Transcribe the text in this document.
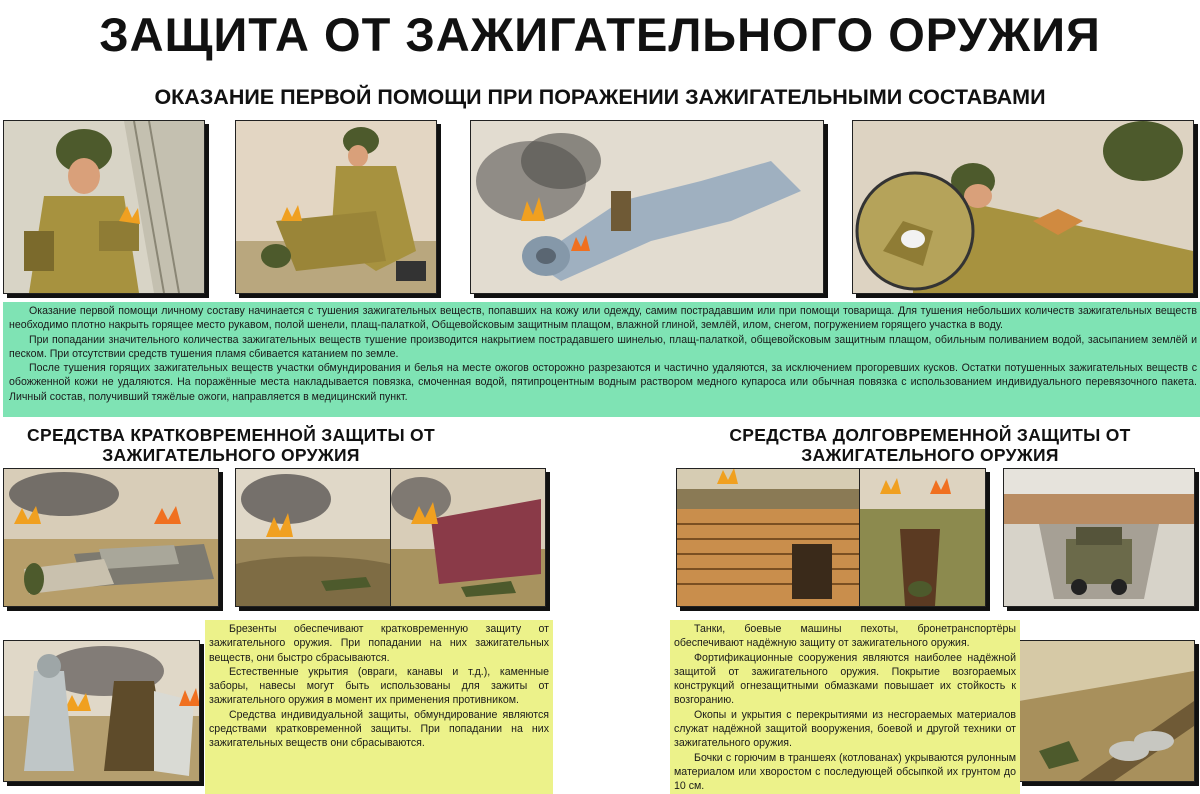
ЗАЩИТА ОТ ЗАЖИГАТЕЛЬНОГО ОРУЖИЯ
ОКАЗАНИЕ ПЕРВОЙ ПОМОЩИ ПРИ ПОРАЖЕНИИ ЗАЖИГАТЕЛЬНЫМИ СОСТАВАМИ

Оказание первой помощи личному составу начинается с тушения зажигательных веществ, попавших на кожу или одежду, самим пострадавшим или при помощи товарища. Для тушения небольших количеств зажигательных веществ необходимо плотно накрыть горящее место рукавом, полой шенели, плащ-палаткой, Общевойсковым защитным плащом, влажной глиной, землёй, илом, снегом, погружением горящего участка в воду.

При попадании значительного количества зажигательных веществ тушение производится накрытием пострадавшего шинелью, плащ-палаткой, общевойсковым защитным плащом, обильным поливанием водой, засыпанием землёй и песком. При отсутствии средств тушения пламя сбивается катанием по земле.

После тушения горящих зажигательных веществ участки обмундирования и белья на месте ожогов осторожно разрезаются и частично удаляются, за исключением прогоревших кусков. Остатки потушенных зажигательных веществ с обожженной кожи не удаляются. На поражённые места накладывается повязка, смоченная водой, пятипроцентным водным раствором медного купароса или обычная повязка с использованием индивидуального перевязочного пакета. Личный состав, получивший тяжёлые ожоги, направляется в медицинский пункт.

СРЕДСТВА КРАТКОВРЕМЕННОЙ ЗАЩИТЫ ОТ ЗАЖИГАТЕЛЬНОГО ОРУЖИЯ
СРЕДСТВА ДОЛГОВРЕМЕННОЙ ЗАЩИТЫ ОТ ЗАЖИГАТЕЛЬНОГО ОРУЖИЯ

Брезенты обеспечивают кратковременную защиту от зажигательного оружия. При попадании на них зажигательных веществ, они быстро сбрасываются.

Естественные укрытия (овраги, канавы и т.д.), каменные заборы, навесы могут быть использованы для зажиты от зажигательного оружия в момент их применения противником.

Средства индивидуальной защиты, обмундирование являются средствами кратковременной защиты. При попадании на них зажигательных веществ они сбрасываются.

Танки, боевые машины пехоты, бронетранспортёры обеспечивают надёжную защиту от зажигательного оружия.

Фортификационные сооружения являются наиболее надёжной защитой от зажигательного оружия. Покрытие возгораемых конструкций огнезащитными обмазками повышает их стойкость к возгоранию.

Окопы и укрытия с перекрытиями из несгораемых материалов служат надёжной защитой вооружения, боевой и другой техники от зажигательного оружия.

Бочки с горючим в траншеях (котлованах) укрываются рулонным материалом или хворостом с последующей обсыпкой их грунтом до 10 см.
